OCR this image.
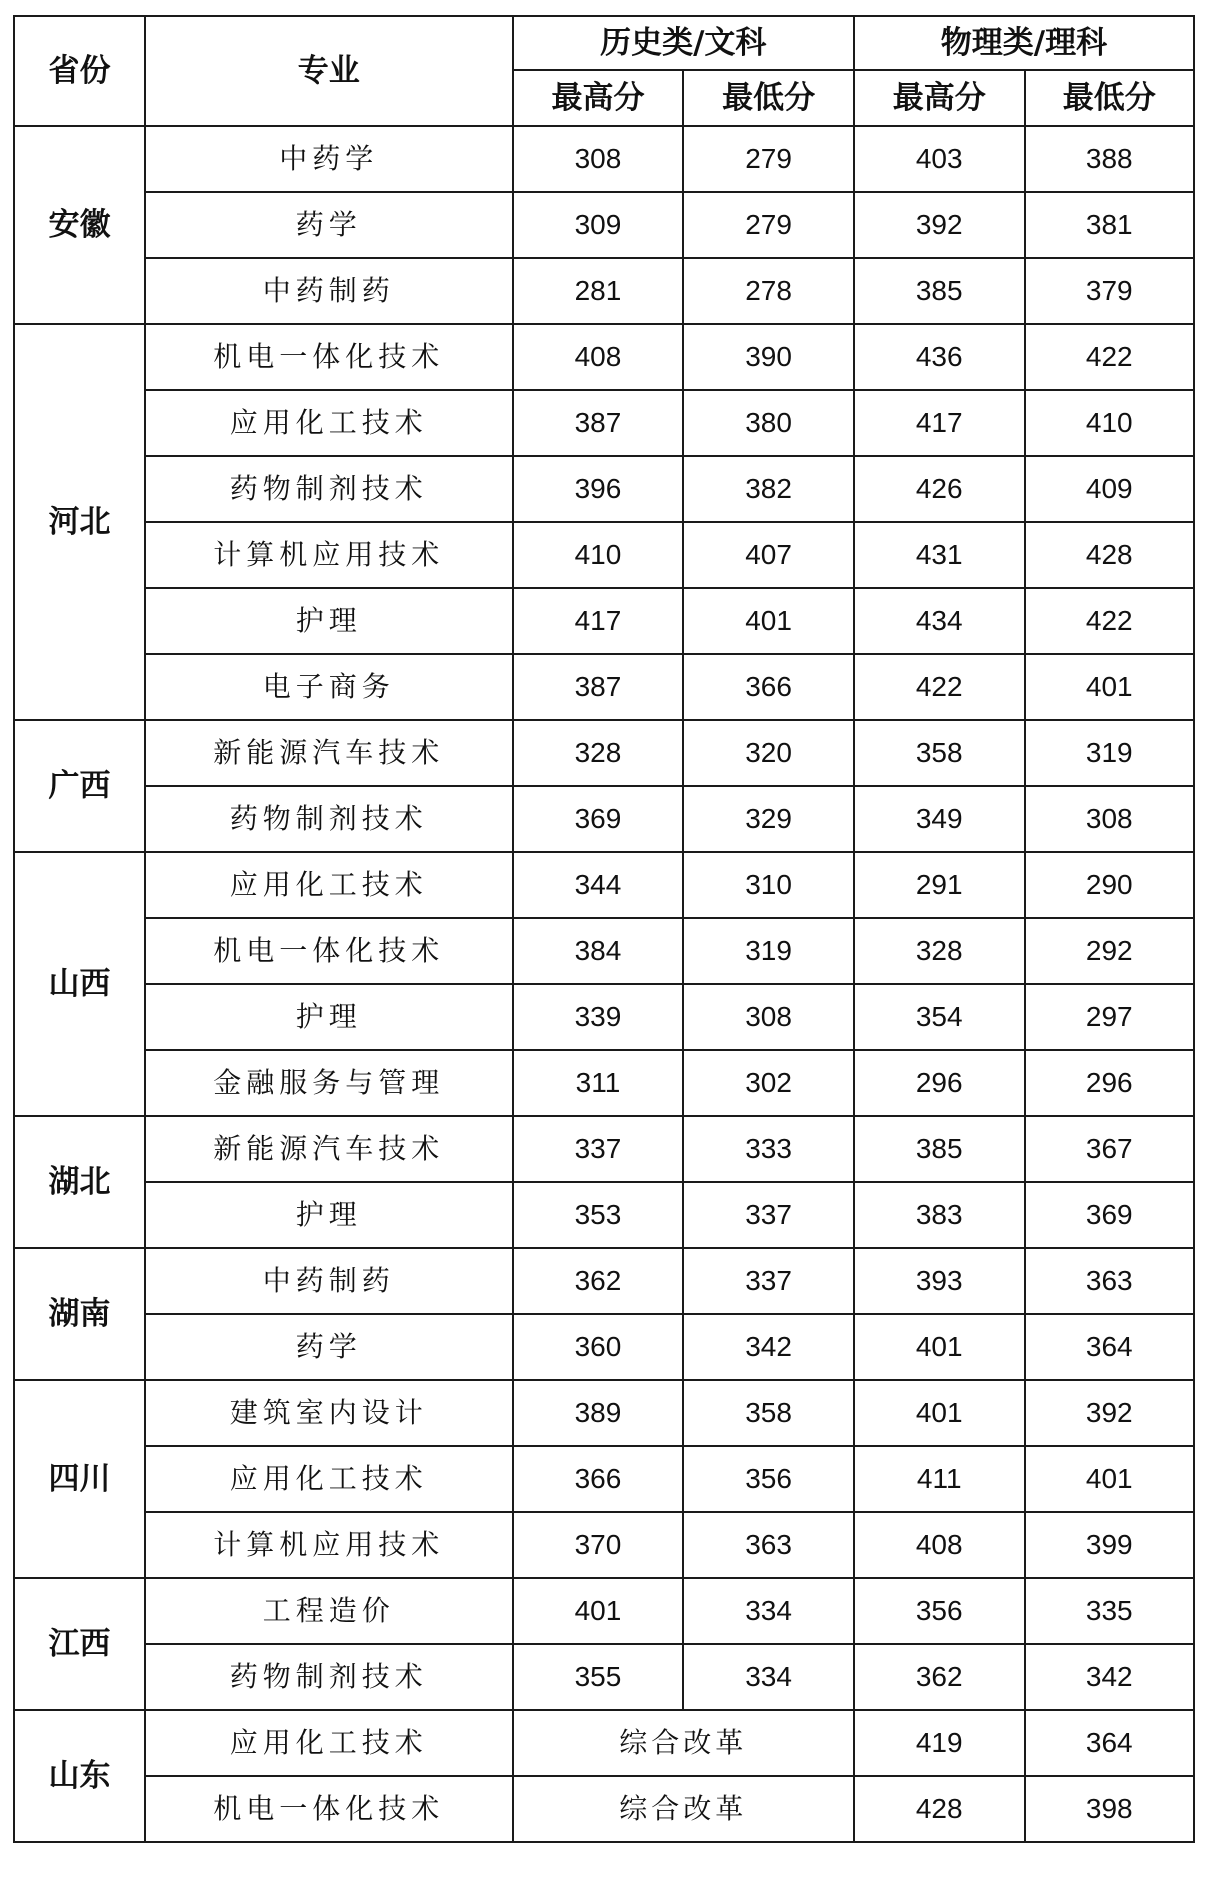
省份	专业	历史类/文科		物理类/理科	
		最高分	最低分	最高分	最低分
安徽	中药学	308	279	403	388
	药学	309	279	392	381
	中药制药	281	278	385	379
河北	机电一体化技术	408	390	436	422
	应用化工技术	387	380	417	410
	药物制剂技术	396	382	426	409
	计算机应用技术	410	407	431	428
	护理	417	401	434	422
	电子商务	387	366	422	401
广西	新能源汽车技术	328	320	358	319
	药物制剂技术	369	329	349	308
山西	应用化工技术	344	310	291	290
	机电一体化技术	384	319	328	292
	护理	339	308	354	297
	金融服务与管理	311	302	296	296
湖北	新能源汽车技术	337	333	385	367
	护理	353	337	383	369
湖南	中药制药	362	337	393	363
	药学	360	342	401	364
四川	建筑室内设计	389	358	401	392
	应用化工技术	366	356	411	401
	计算机应用技术	370	363	408	399
江西	工程造价	401	334	356	335
	药物制剂技术	355	334	362	342
山东	应用化工技术	综合改革		419	364
	机电一体化技术	综合改革		428	398
